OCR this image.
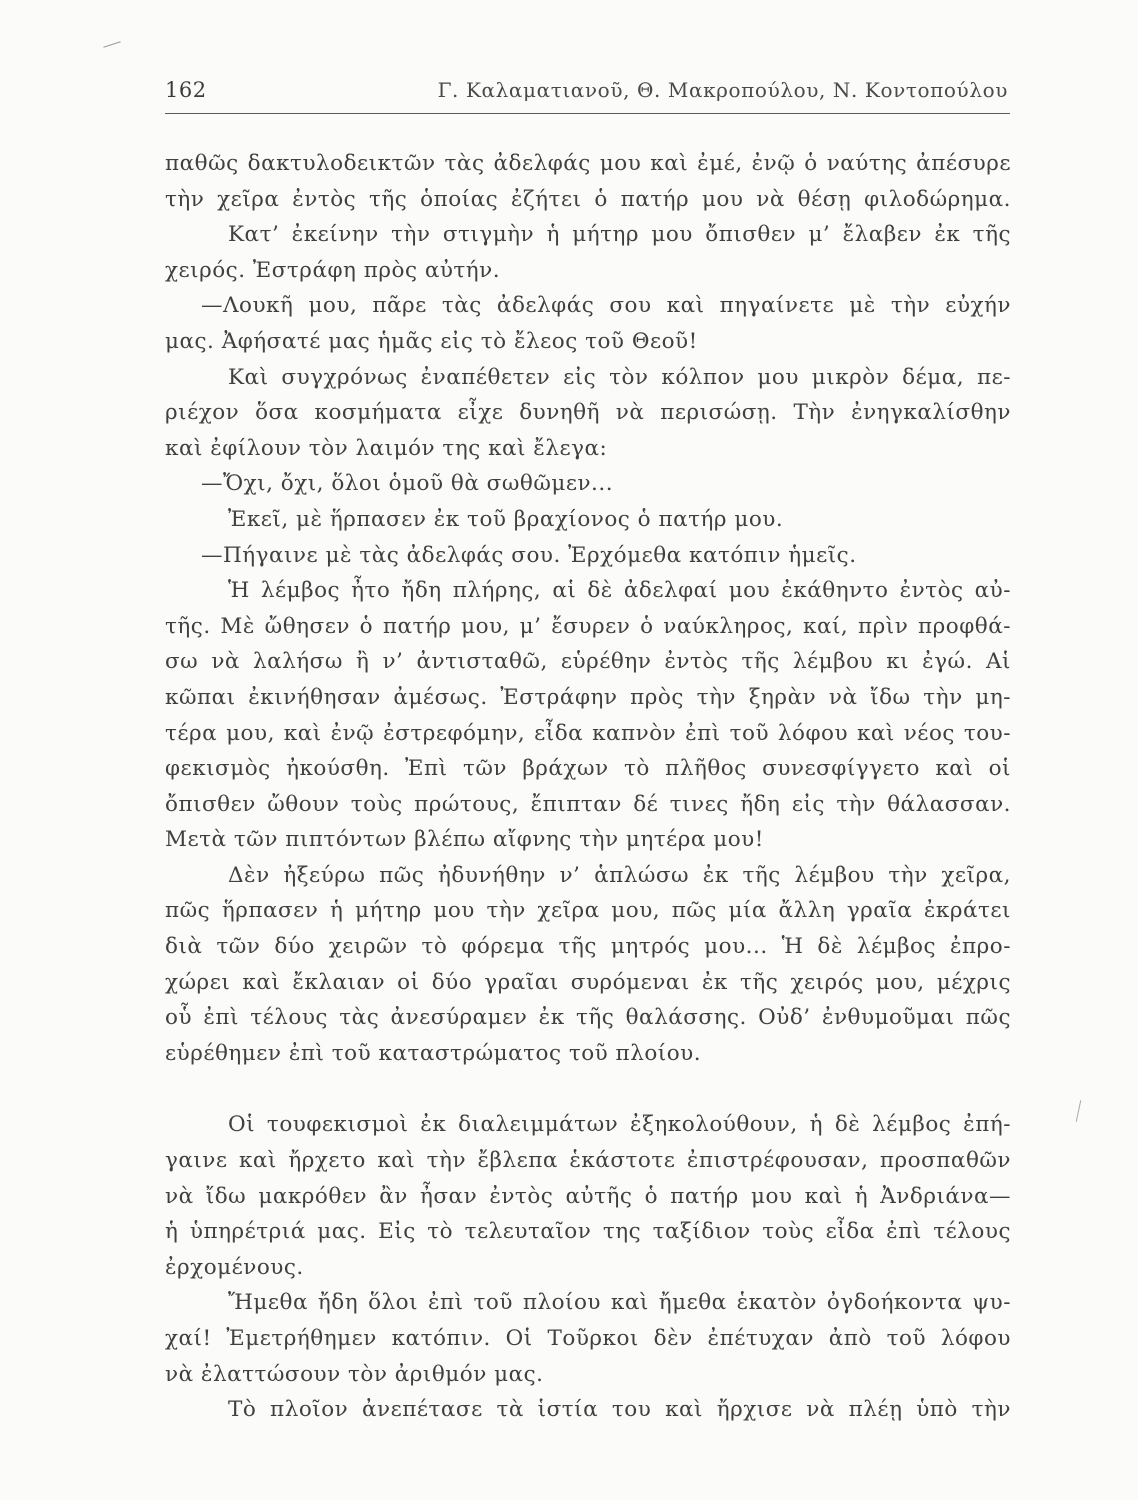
162	Γ. Καλαματιανοῦ, Θ. Μακροπούλου, Ν. Κοντοπούλου
παθῶς δακτυλοδεικτῶν τὰς ἀδελφάς μου καὶ ἐμέ, ἐνῷ ὁ ναύτης ἀπέσυρε
τὴν χεῖρα ἐντὸς τῆς ὁποίας ἐζήτει ὁ πατήρ μου νὰ θέσῃ φιλοδώρημα.
Κατ’ ἐκείνην τὴν στιγμὴν ἡ μήτηρ μου ὄπισθεν μ’ ἔλαβεν ἐκ τῆς
χειρός. Ἐστράφη πρὸς αὐτήν.
—Λουκῆ μου, πᾶρε τὰς ἀδελφάς σου καὶ πηγαίνετε μὲ τὴν εὐχήν
μας. Ἀφήσατέ μας ἡμᾶς εἰς τὸ ἔλεος τοῦ Θεοῦ!
Καὶ συγχρόνως ἐναπέθετεν εἰς τὸν κόλπον μου μικρὸν δέμα, πε-
ριέχον ὅσα κοσμήματα εἶχε δυνηθῆ νὰ περισώσῃ. Τὴν ἐνηγκαλίσθην
καὶ ἐφίλουν τὸν λαιμόν της καὶ ἔλεγα:
—Ὄχι, ὄχι, ὅλοι ὁμοῦ θὰ σωθῶμεν...
Ἐκεῖ, μὲ ἥρπασεν ἐκ τοῦ βραχίονος ὁ πατήρ μου.
—Πήγαινε μὲ τὰς ἀδελφάς σου. Ἐρχόμεθα κατόπιν ἡμεῖς.
Ἡ λέμβος ἦτο ἤδη πλήρης, αἱ δὲ ἀδελφαί μου ἐκάθηντο ἐντὸς αὐ-
τῆς. Μὲ ὤθησεν ὁ πατήρ μου, μ’ ἔσυρεν ὁ ναύκληρος, καί, πρὶν προφθά-
σω νὰ λαλήσω ἢ ν’ ἀντισταθῶ, εὑρέθην ἐντὸς τῆς λέμβου κι ἐγώ. Αἱ
κῶπαι ἐκινήθησαν ἀμέσως. Ἐστράφην πρὸς τὴν ξηρὰν νὰ ἴδω τὴν μη-
τέρα μου, καὶ ἐνῷ ἐστρεφόμην, εἶδα καπνὸν ἐπὶ τοῦ λόφου καὶ νέος του-
φεκισμὸς ἠκούσθη. Ἐπὶ τῶν βράχων τὸ πλῆθος συνεσφίγγετο καὶ οἱ
ὄπισθεν ὤθουν τοὺς πρώτους, ἔπιπταν δέ τινες ἤδη εἰς τὴν θάλασσαν.
Μετὰ τῶν πιπτόντων βλέπω αἴφνης τὴν μητέρα μου!
Δὲν ἠξεύρω πῶς ἠδυνήθην ν’ ἁπλώσω ἐκ τῆς λέμβου τὴν χεῖρα,
πῶς ἥρπασεν ἡ μήτηρ μου τὴν χεῖρα μου, πῶς μία ἄλλη γραῖα ἐκράτει
διὰ τῶν δύο χειρῶν τὸ φόρεμα τῆς μητρός μου... Ἡ δὲ λέμβος ἐπρο-
χώρει καὶ ἔκλαιαν οἱ δύο γραῖαι συρόμεναι ἐκ τῆς χειρός μου, μέχρις
οὗ ἐπὶ τέλους τὰς ἀνεσύραμεν ἐκ τῆς θαλάσσης. Οὐδ’ ἐνθυμοῦμαι πῶς
εὑρέθημεν ἐπὶ τοῦ καταστρώματος τοῦ πλοίου.
Οἱ τουφεκισμοὶ ἐκ διαλειμμάτων ἐξηκολούθουν, ἡ δὲ λέμβος ἐπή-
γαινε καὶ ἤρχετο καὶ τὴν ἔβλεπα ἑκάστοτε ἐπιστρέφουσαν, προσπαθῶν
νὰ ἴδω μακρόθεν ἂν ἦσαν ἐντὸς αὐτῆς ὁ πατήρ μου καὶ ἡ Ἀνδριάνα—
ἡ ὑπηρέτριά μας. Εἰς τὸ τελευταῖον της ταξίδιον τοὺς εἶδα ἐπὶ τέλους
ἐρχομένους.
Ἤμεθα ἤδη ὅλοι ἐπὶ τοῦ πλοίου καὶ ἤμεθα ἑκατὸν ὀγδοήκοντα ψυ-
χαί! Ἐμετρήθημεν κατόπιν. Οἱ Τοῦρκοι δὲν ἐπέτυχαν ἀπὸ τοῦ λόφου
νὰ ἐλαττώσουν τὸν ἀριθμόν μας.
Τὸ πλοῖον ἀνεπέτασε τὰ ἱστία του καὶ ἤρχισε νὰ πλέῃ ὑπὸ τὴν
